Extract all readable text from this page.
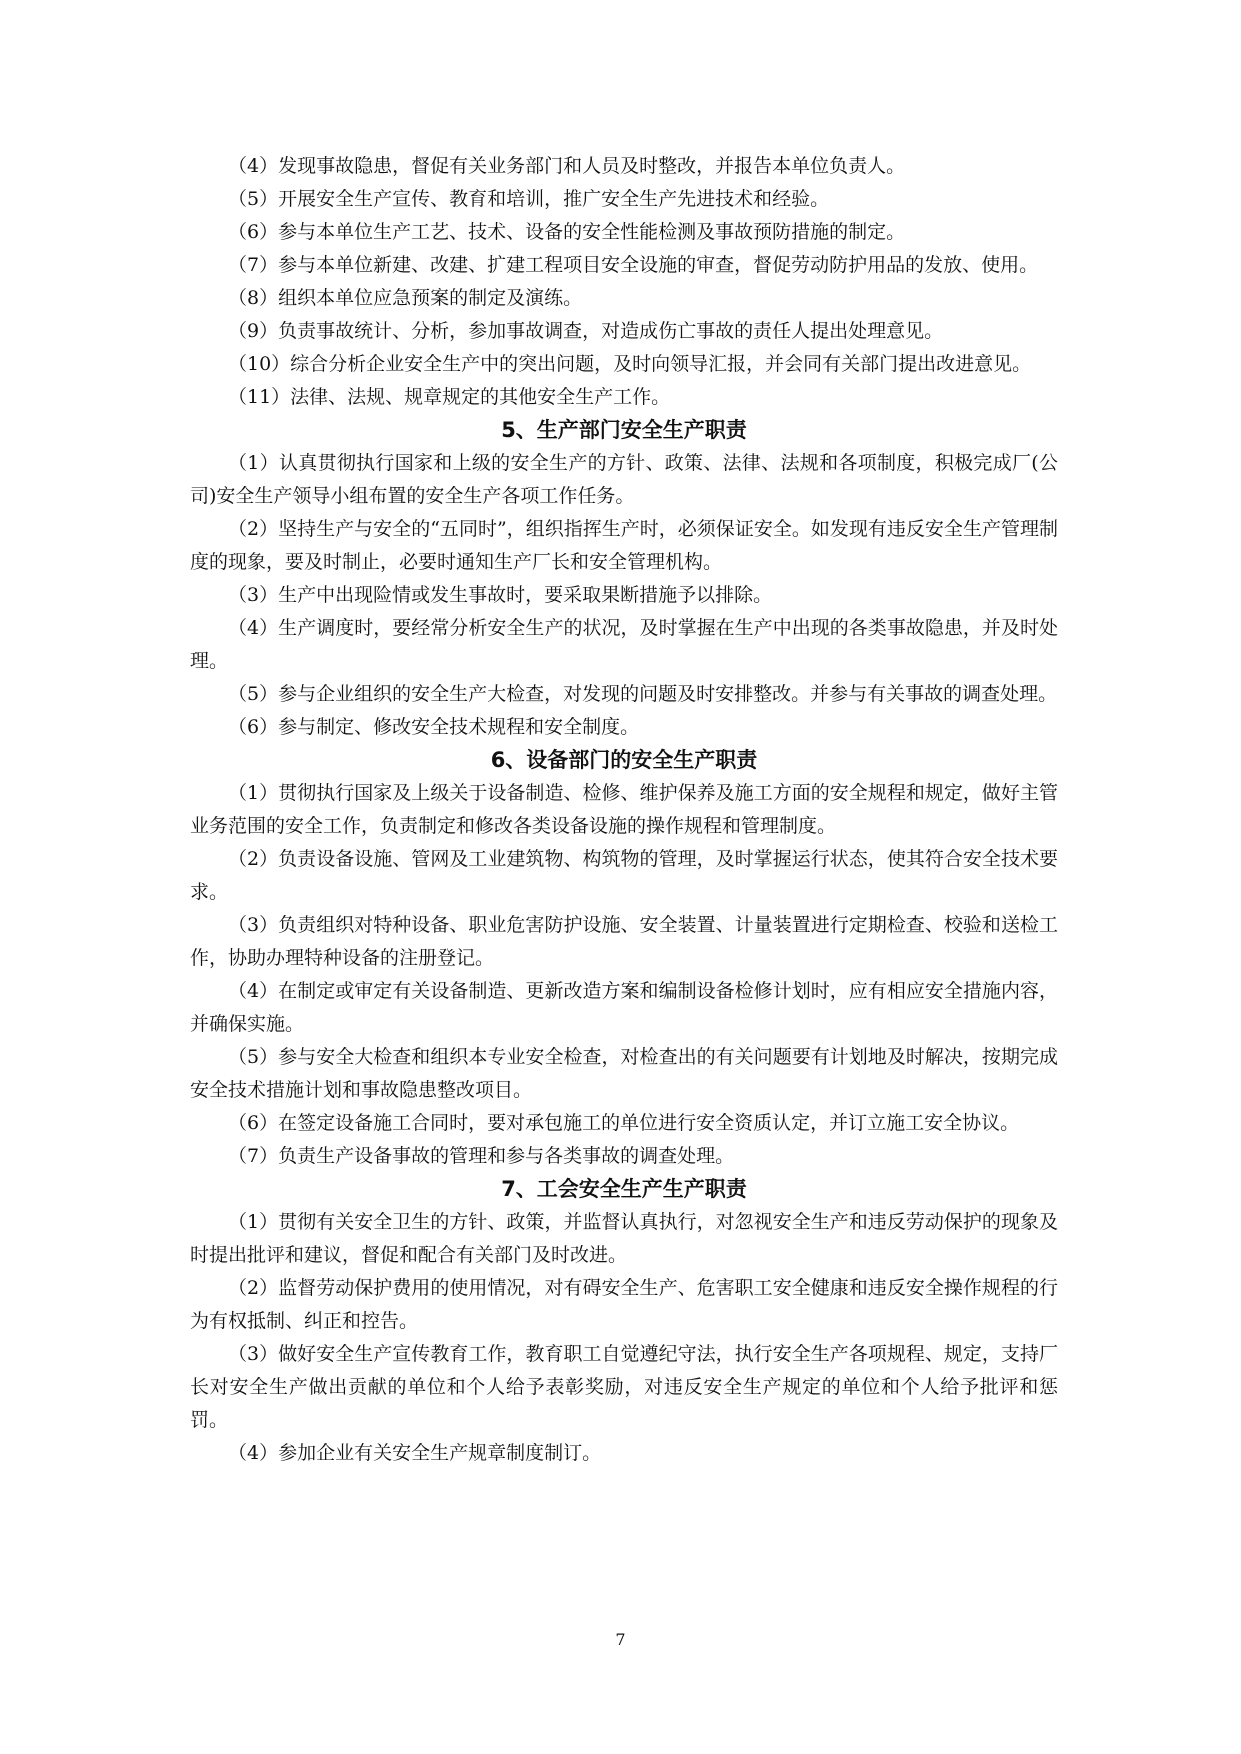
（4）发现事故隐患，督促有关业务部门和人员及时整改，并报告本单位负责人。

（5）开展安全生产宣传、教育和培训，推广安全生产先进技术和经验。

（6）参与本单位生产工艺、技术、设备的安全性能检测及事故预防措施的制定。

（7）参与本单位新建、改建、扩建工程项目安全设施的审查，督促劳动防护用品的发放、使用。

（8）组织本单位应急预案的制定及演练。

（9）负责事故统计、分析，参加事故调查，对造成伤亡事故的责任人提出处理意见。

（10）综合分析企业安全生产中的突出问题，及时向领导汇报，并会同有关部门提出改进意见。

（11）法律、法规、规章规定的其他安全生产工作。

5、生产部门安全生产职责

（1）认真贯彻执行国家和上级的安全生产的方针、政策、法律、法规和各项制度，积极完成厂(公司)安全生产领导小组布置的安全生产各项工作任务。

（2）坚持生产与安全的“五同时”，组织指挥生产时，必须保证安全。如发现有违反安全生产管理制度的现象，要及时制止，必要时通知生产厂长和安全管理机构。

（3）生产中出现险情或发生事故时，要采取果断措施予以排除。

（4）生产调度时，要经常分析安全生产的状况，及时掌握在生产中出现的各类事故隐患，并及时处理。

（5）参与企业组织的安全生产大检查，对发现的问题及时安排整改。并参与有关事故的调查处理。

（6）参与制定、修改安全技术规程和安全制度。

6、设备部门的安全生产职责

（1）贯彻执行国家及上级关于设备制造、检修、维护保养及施工方面的安全规程和规定，做好主管业务范围的安全工作，负责制定和修改各类设备设施的操作规程和管理制度。

（2）负责设备设施、管网及工业建筑物、构筑物的管理，及时掌握运行状态，使其符合安全技术要求。

（3）负责组织对特种设备、职业危害防护设施、安全装置、计量装置进行定期检查、校验和送检工作，协助办理特种设备的注册登记。

（4）在制定或审定有关设备制造、更新改造方案和编制设备检修计划时，应有相应安全措施内容，并确保实施。

（5）参与安全大检查和组织本专业安全检查，对检查出的有关问题要有计划地及时解决，按期完成安全技术措施计划和事故隐患整改项目。

（6）在签定设备施工合同时，要对承包施工的单位进行安全资质认定，并订立施工安全协议。

（7）负责生产设备事故的管理和参与各类事故的调查处理。

7、工会安全生产生产职责

（1）贯彻有关安全卫生的方针、政策，并监督认真执行，对忽视安全生产和违反劳动保护的现象及时提出批评和建议，督促和配合有关部门及时改进。

（2）监督劳动保护费用的使用情况，对有碍安全生产、危害职工安全健康和违反安全操作规程的行为有权抵制、纠正和控告。

（3）做好安全生产宣传教育工作，教育职工自觉遵纪守法，执行安全生产各项规程、规定，支持厂长对安全生产做出贡献的单位和个人给予表彰奖励，对违反安全生产规定的单位和个人给予批评和惩罚。

（4）参加企业有关安全生产规章制度制订。

7
